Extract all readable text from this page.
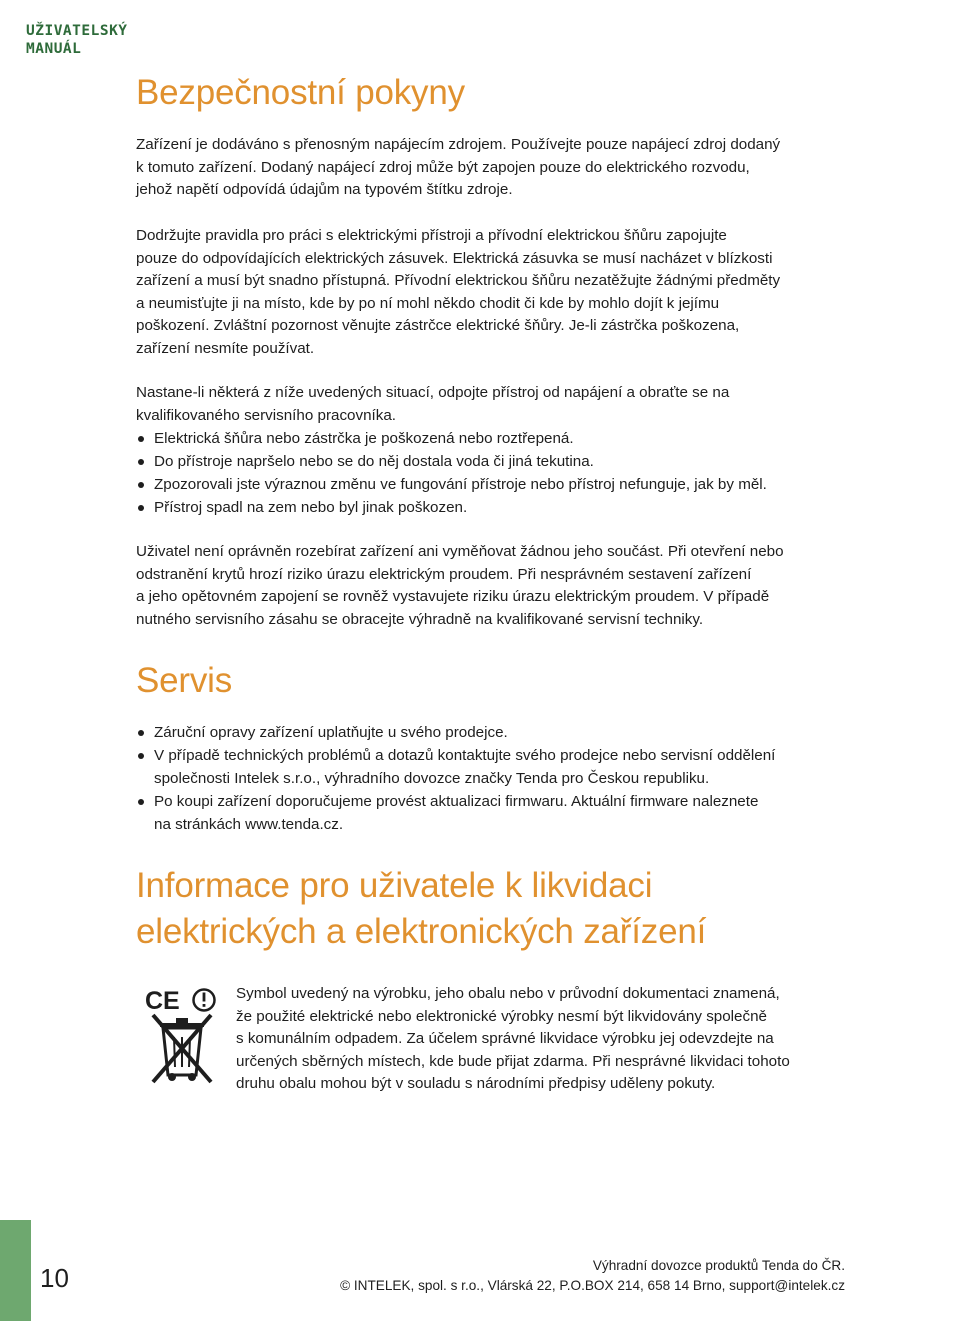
UŽIVATELSKÝ
MANUÁL
Bezpečnostní pokyny
Zařízení je dodáváno s přenosným napájecím zdrojem. Používejte pouze napájecí zdroj dodaný
k tomuto zařízení. Dodaný napájecí zdroj může být zapojen pouze do elektrického rozvodu,
jehož napětí odpovídá údajům na typovém štítku zdroje.
Dodržujte pravidla pro práci s elektrickými přístroji a přívodní elektrickou šňůru zapojujte
pouze do odpovídajících elektrických zásuvek. Elektrická zásuvka se musí nacházet v blízkosti
zařízení a musí být snadno přístupná. Přívodní elektrickou šňůru nezatěžujte žádnými předměty
a neumisťujte ji na místo, kde by po ní mohl někdo chodit či kde by mohlo dojít k jejímu
poškození. Zvláštní pozornost věnujte zástrčce elektrické šňůry. Je-li zástrčka poškozena,
zařízení nesmíte používat.
Nastane-li některá z níže uvedených situací, odpojte přístroj od napájení a obraťte se na
kvalifikovaného servisního pracovníka.
Elektrická šňůra nebo zástrčka je poškozená nebo roztřepená.
Do přístroje napršelo nebo se do něj dostala voda či jiná tekutina.
Zpozorovali jste výraznou změnu ve fungování přístroje nebo přístroj nefunguje, jak by měl.
Přístroj spadl na zem nebo byl jinak poškozen.
Uživatel není oprávněn rozebírat zařízení ani vyměňovat žádnou jeho součást. Při otevření nebo
odstranění krytů hrozí riziko úrazu elektrickým proudem. Při nesprávném sestavení zařízení
a jeho opětovném zapojení se rovněž vystavujete riziku úrazu elektrickým proudem. V případě
nutného servisního zásahu se obracejte výhradně na kvalifikované servisní techniky.
Servis
Záruční opravy zařízení uplatňujte u svého prodejce.
V případě technických problémů a dotazů kontaktujte svého prodejce nebo servisní oddělení
společnosti Intelek s.r.o., výhradního dovozce značky Tenda pro Českou republiku.
Po koupi zařízení doporučujeme provést aktualizaci firmwaru. Aktuální firmware naleznete
na stránkách www.tenda.cz.
Informace pro uživatele k likvidaci
elektrických a elektronických zařízení
CE	Symbol uvedený na výrobku, jeho obalu nebo v průvodní dokumentaci znamená,
že použité elektrické nebo elektronické výrobky nesmí být likvidovány společně
s komunálním odpadem. Za účelem správné likvidace výrobku jej odevzdejte na
určených sběrných místech, kde bude přijat zdarma. Při nesprávné likvidaci tohoto
druhu obalu mohou být v souladu s národními předpisy uděleny pokuty.
10	Výhradní dovozce produktů Tenda do ČR.
© INTELEK, spol. s r.o., Vlárská 22, P.O.BOX 214, 658 14 Brno, support@intelek.cz
